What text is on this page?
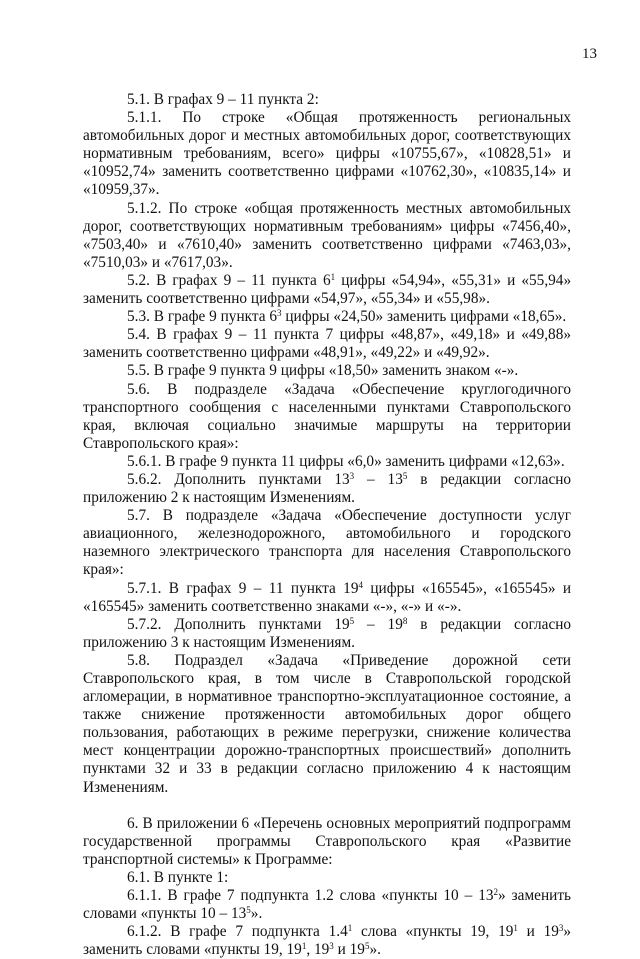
13

5.1. В графах 9 – 11 пункта 2:

5.1.1. По строке «Общая протяженность региональных автомобильных дорог и местных автомобильных дорог, соответствующих нормативным требованиям, всего» цифры «10755,67», «10828,51» и «10952,74» заменить соответственно цифрами «10762,30», «10835,14» и «10959,37».

5.1.2. По строке «общая протяженность местных автомобильных дорог, соответствующих нормативным требованиям» цифры «7456,40», «7503,40» и «7610,40» заменить соответственно цифрами «7463,03», «7510,03» и «7617,03».

5.2. В графах 9 – 11 пункта $6^1$ цифры «54,94», «55,31» и «55,94» заменить соответственно цифрами «54,97», «55,34» и «55,98».

5.3. В графе 9 пункта $6^3$ цифры «24,50» заменить цифрами «18,65».

5.4. В графах 9 – 11 пункта 7 цифры «48,87», «49,18» и «49,88» заменить соответственно цифрами «48,91», «49,22» и «49,92».

5.5. В графе 9 пункта 9 цифры «18,50» заменить знаком «-».

5.6. В подразделе «Задача «Обеспечение круглогодичного транспортного сообщения с населенными пунктами Ставропольского края, включая социально значимые маршруты на территории Ставропольского края»:

5.6.1. В графе 9 пункта 11 цифры «6,0» заменить цифрами «12,63».

5.6.2. Дополнить пунктами $13^3 - 13^5$ в редакции согласно приложению 2 к настоящим Изменениям.

5.7. В подразделе «Задача «Обеспечение доступности услуг авиационного, железнодорожного, автомобильного и городского наземного электрического транспорта для населения Ставропольского края»:

5.7.1. В графах 9 – 11 пункта $19^4$ цифры «165545», «165545» и «165545» заменить соответственно знаками «-», «-» и «-».

5.7.2. Дополнить пунктами $19^5 - 19^8$ в редакции согласно приложению 3 к настоящим Изменениям.

5.8. Подраздел «Задача «Приведение дорожной сети Ставропольского края, в том числе в Ставропольской городской агломерации, в нормативное транспортно-эксплуатационное состояние, а также снижение протяженности автомобильных дорог общего пользования, работающих в режиме перегрузки, снижение количества мест концентрации дорожно-транспортных происшествий» дополнить пунктами 32 и 33 в редакции согласно приложению 4 к настоящим Изменениям.

6. В приложении 6 «Перечень основных мероприятий подпрограмм государственной программы Ставропольского края «Развитие транспортной системы» к Программе:

6.1. В пункте 1:

6.1.1. В графе 7 подпункта 1.2 слова «пункты $10 - 13^2$» заменить словами «пункты $10 - 13^5$».

6.1.2. В графе 7 подпункта $1.4^1$ слова «пункты 19, $19^1$ и $19^3$» заменить словами «пункты 19, $19^1$, $19^3$ и $19^5$».
